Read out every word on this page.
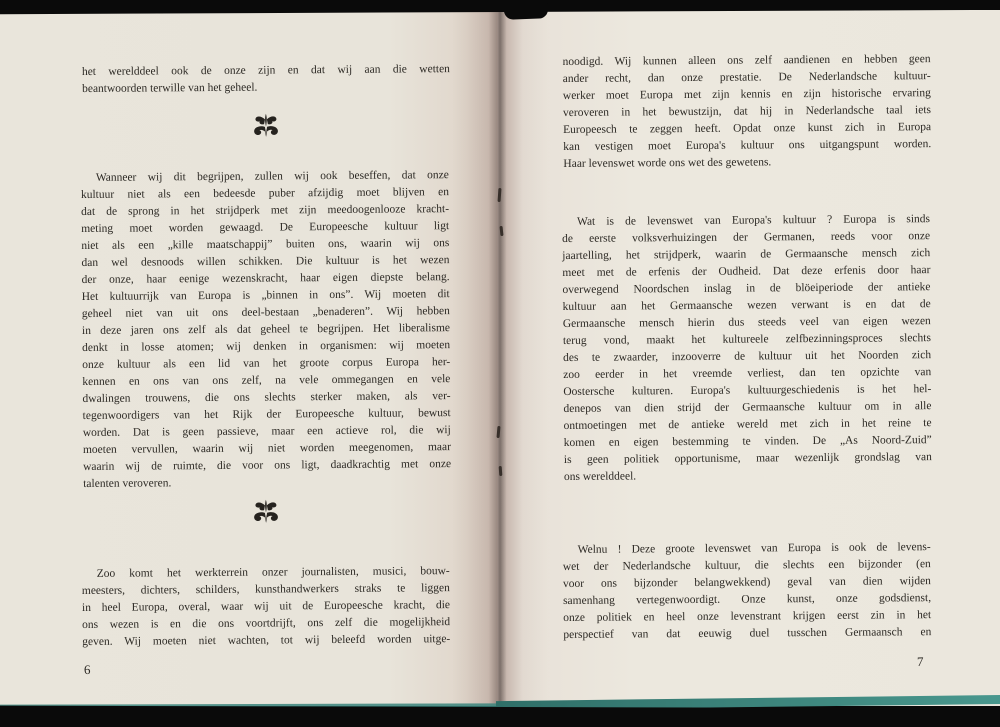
het werelddeel ook de onze zijn en dat wij aan die wetten
beantwoorden terwille van het geheel.
Wanneer wij dit begrijpen, zullen wij ook beseffen, dat onze
kultuur niet als een bedeesde puber afzijdig moet blijven en
dat de sprong in het strijdperk met zijn meedoogenlooze kracht-
meting moet worden gewaagd. De Europeesche kultuur ligt
niet als een „kille maatschappij” buiten ons, waarin wij ons
dan wel desnoods willen schikken. Die kultuur is het wezen
der onze, haar eenige wezenskracht, haar eigen diepste belang.
Het kultuurrijk van Europa is „binnen in ons”. Wij moeten dit
geheel niet van uit ons deel-bestaan „benaderen”. Wij hebben
in deze jaren ons zelf als dat geheel te begrijpen. Het liberalisme
denkt in losse atomen; wij denken in organismen: wij moeten
onze kultuur als een lid van het groote corpus Europa her-
kennen en ons van ons zelf, na vele ommegangen en vele
dwalingen trouwens, die ons slechts sterker maken, als ver-
tegenwoordigers van het Rijk der Europeesche kultuur, bewust
worden. Dat is geen passieve, maar een actieve rol, die wij
moeten vervullen, waarin wij niet worden meegenomen, maar
waarin wij de ruimte, die voor ons ligt, daadkrachtig met onze
talenten veroveren.
Zoo komt het werkterrein onzer journalisten, musici, bouw-
meesters, dichters, schilders, kunsthandwerkers straks te liggen
in heel Europa, overal, waar wij uit de Europeesche kracht, die
ons wezen is en die ons voortdrijft, ons zelf die mogelijkheid
geven. Wij moeten niet wachten, tot wij beleefd worden uitge-
6
noodigd. Wij kunnen alleen ons zelf aandienen en hebben geen
ander recht, dan onze prestatie. De Nederlandsche kultuur-
werker moet Europa met zijn kennis en zijn historische ervaring
veroveren in het bewustzijn, dat hij in Nederlandsche taal iets
Europeesch te zeggen heeft. Opdat onze kunst zich in Europa
kan vestigen moet Europa's kultuur ons uitgangspunt worden.
Haar levenswet worde ons wet des gewetens.
Wat is de levenswet van Europa's kultuur ? Europa is sinds
de eerste volksverhuizingen der Germanen, reeds voor onze
jaartelling, het strijdperk, waarin de Germaansche mensch zich
meet met de erfenis der Oudheid. Dat deze erfenis door haar
overwegend Noordschen inslag in de blöeiperiode der antieke
kultuur aan het Germaansche wezen verwant is en dat de
Germaansche mensch hierin dus steeds veel van eigen wezen
terug vond, maakt het kultureele zelfbezinningsproces slechts
des te zwaarder, inzooverre de kultuur uit het Noorden zich
zoo eerder in het vreemde verliest, dan ten opzichte van
Oostersche kulturen. Europa's kultuurgeschiedenis is het hel-
denepos van dien strijd der Germaansche kultuur om in alle
ontmoetingen met de antieke wereld met zich in het reine te
komen en eigen bestemming te vinden. De „As Noord-Zuid”
is geen politiek opportunisme, maar wezenlijk grondslag van
ons werelddeel.
Welnu ! Deze groote levenswet van Europa is ook de levens-
wet der Nederlandsche kultuur, die slechts een bijzonder (en
voor ons bijzonder belangwekkend) geval van dien wijden
samenhang vertegenwoordigt. Onze kunst, onze godsdienst,
onze politiek en heel onze levenstrant krijgen eerst zin in het
perspectief van dat eeuwig duel tusschen Germaansch en
7
